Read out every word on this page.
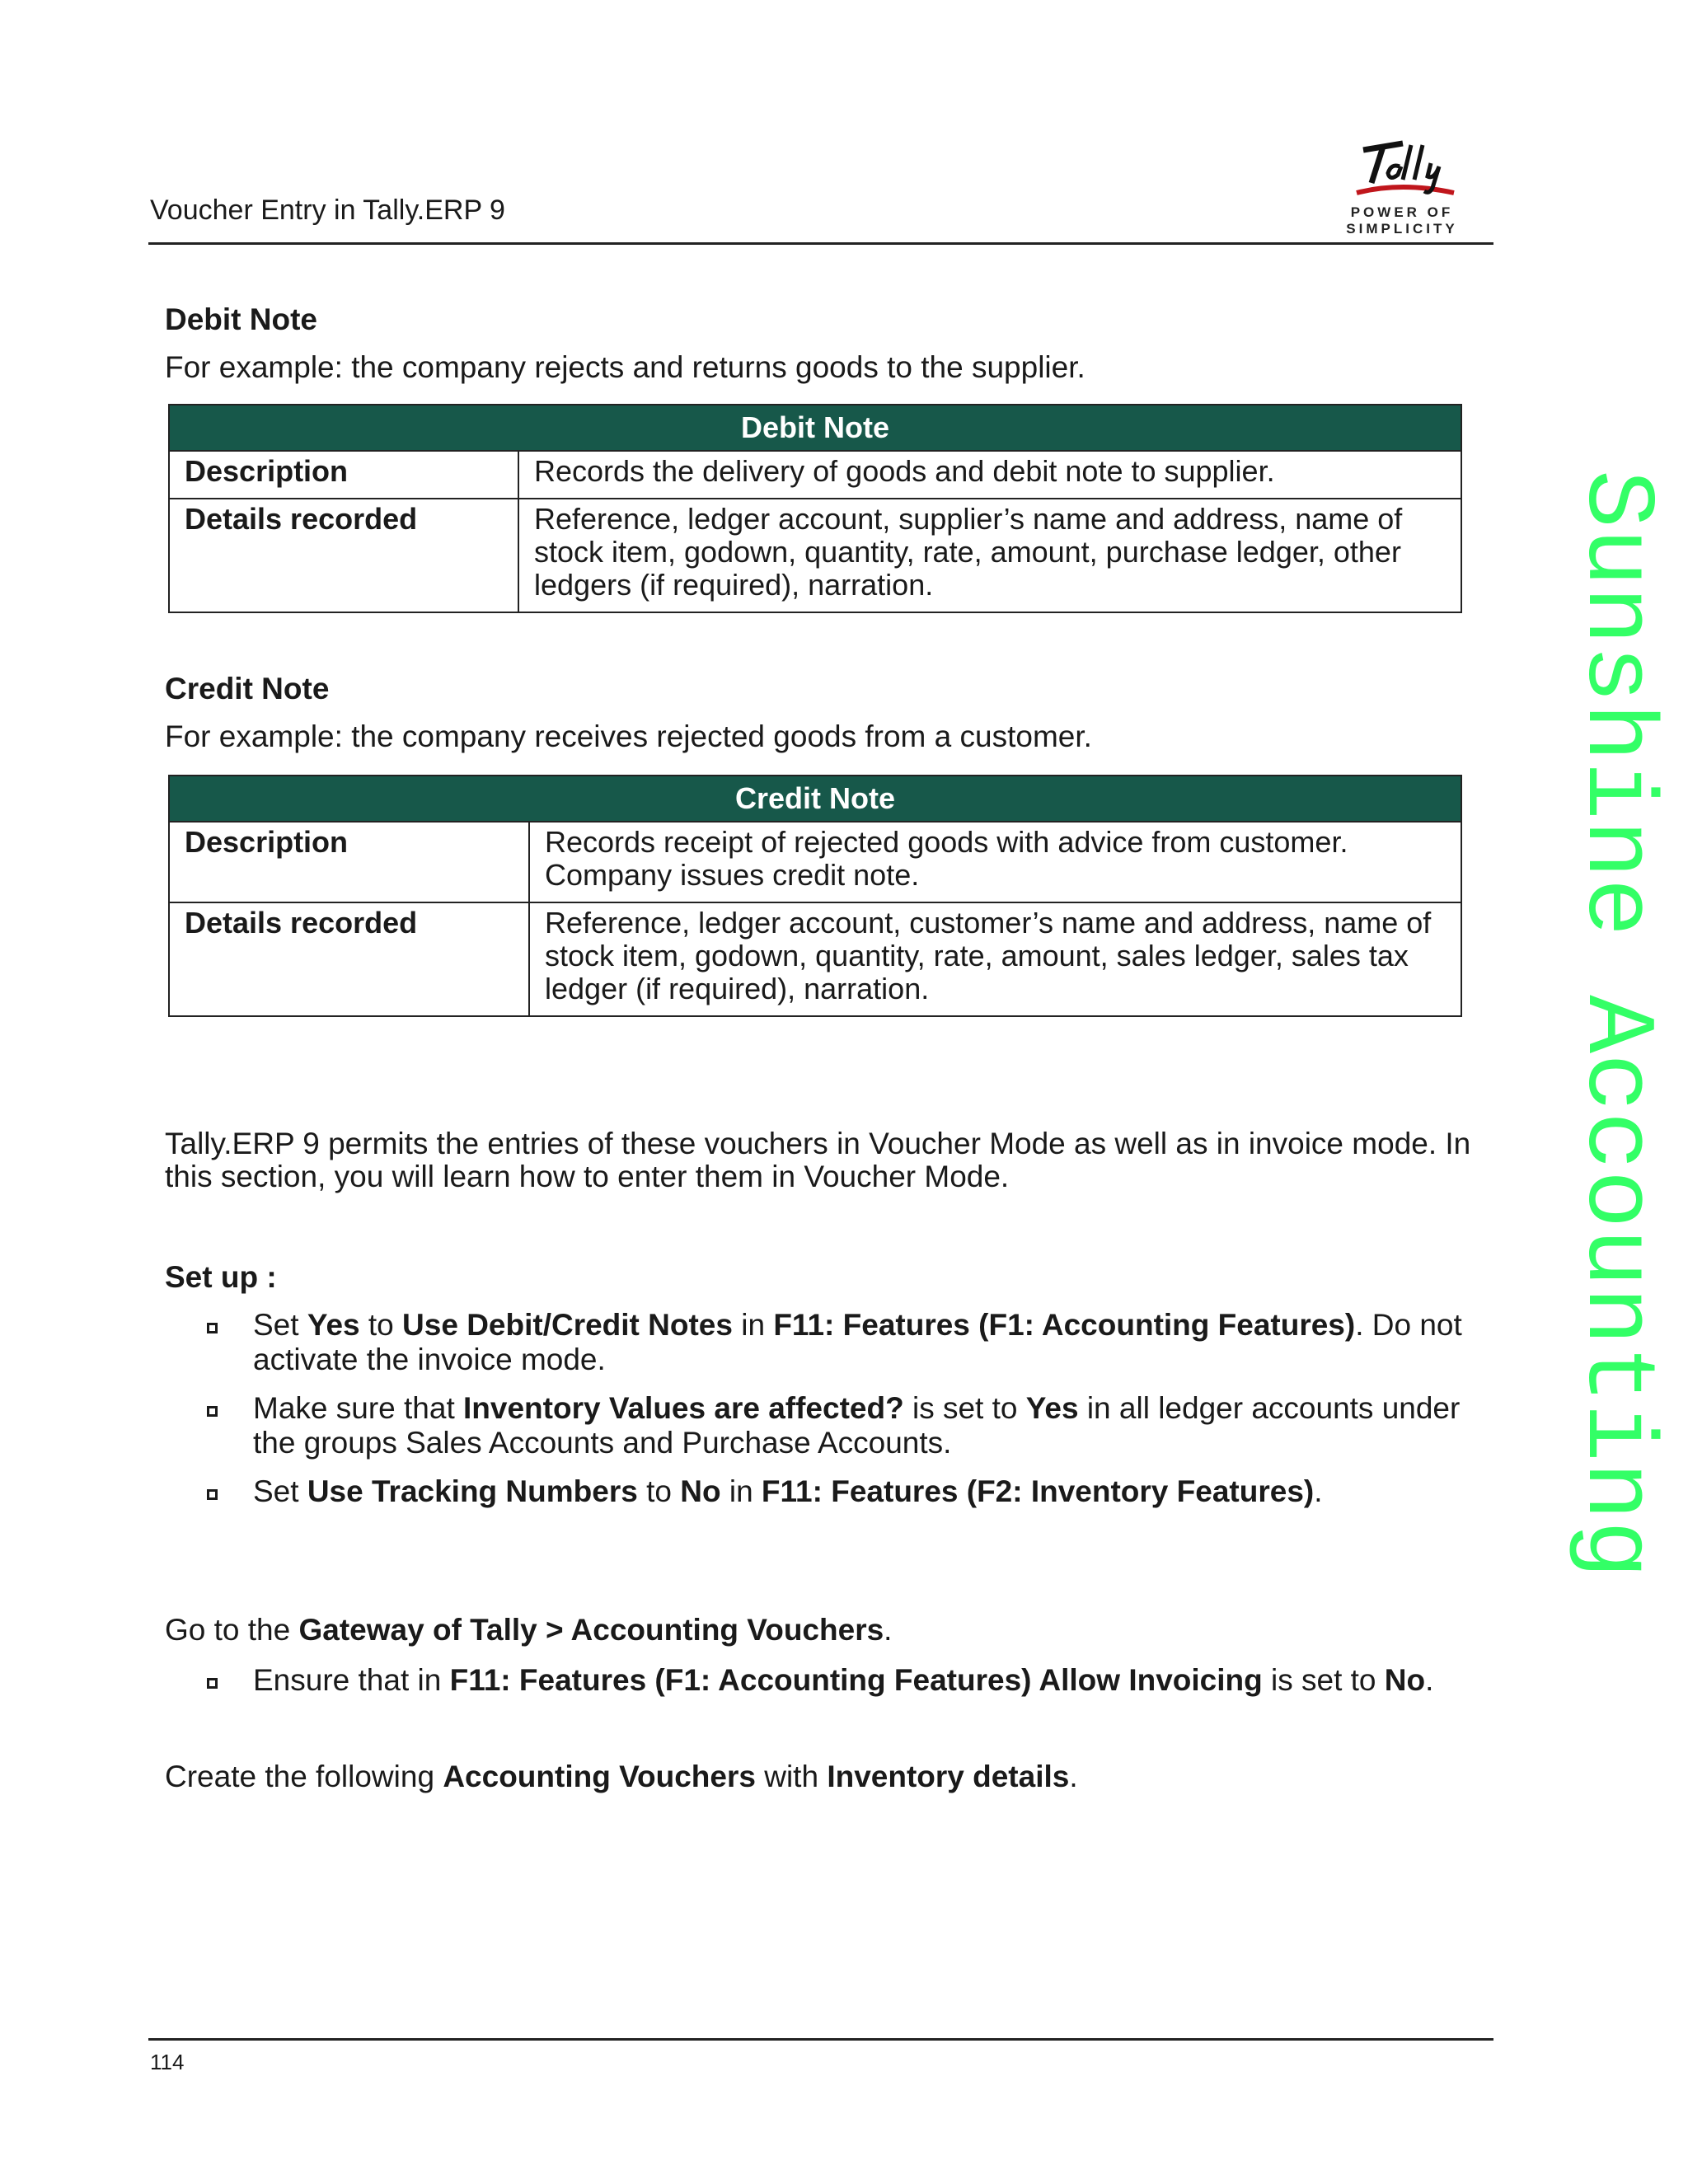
Voucher Entry in Tally.ERP 9	POWER OF SIMPLICITY
Debit Note
For example: the company rejects and returns goods to the supplier.
Debit Note	
Description	Records the delivery of goods and debit note to supplier.
Details recorded	Reference, ledger account, supplier’s name and address, name of stock item, godown, quantity, rate, amount, purchase ledger, other ledgers (if required), narration.
Credit Note
For example: the company receives rejected goods from a customer.
Credit Note	
Description	Records receipt of rejected goods with advice from customer. Company issues credit note.
Details recorded	Reference, ledger account, customer’s name and address, name of stock item, godown, quantity, rate, amount, sales ledger, sales tax ledger (if required), narration.
Tally.ERP 9 permits the entries of these vouchers in Voucher Mode as well as in invoice mode. In this section, you will learn how to enter them in Voucher Mode.
Set up :
Set Yes to Use Debit/Credit Notes in F11: Features (F1: Accounting Features). Do not activate the invoice mode.
Make sure that Inventory Values are affected? is set to Yes in all ledger accounts under the groups Sales Accounts and Purchase Accounts.
Set Use Tracking Numbers to No in F11: Features (F2: Inventory Features).
Go to the Gateway of Tally > Accounting Vouchers.
Ensure that in F11: Features (F1: Accounting Features) Allow Invoicing is set to No.
Create the following Accounting Vouchers with Inventory details.
114
Sunshine Accounting
